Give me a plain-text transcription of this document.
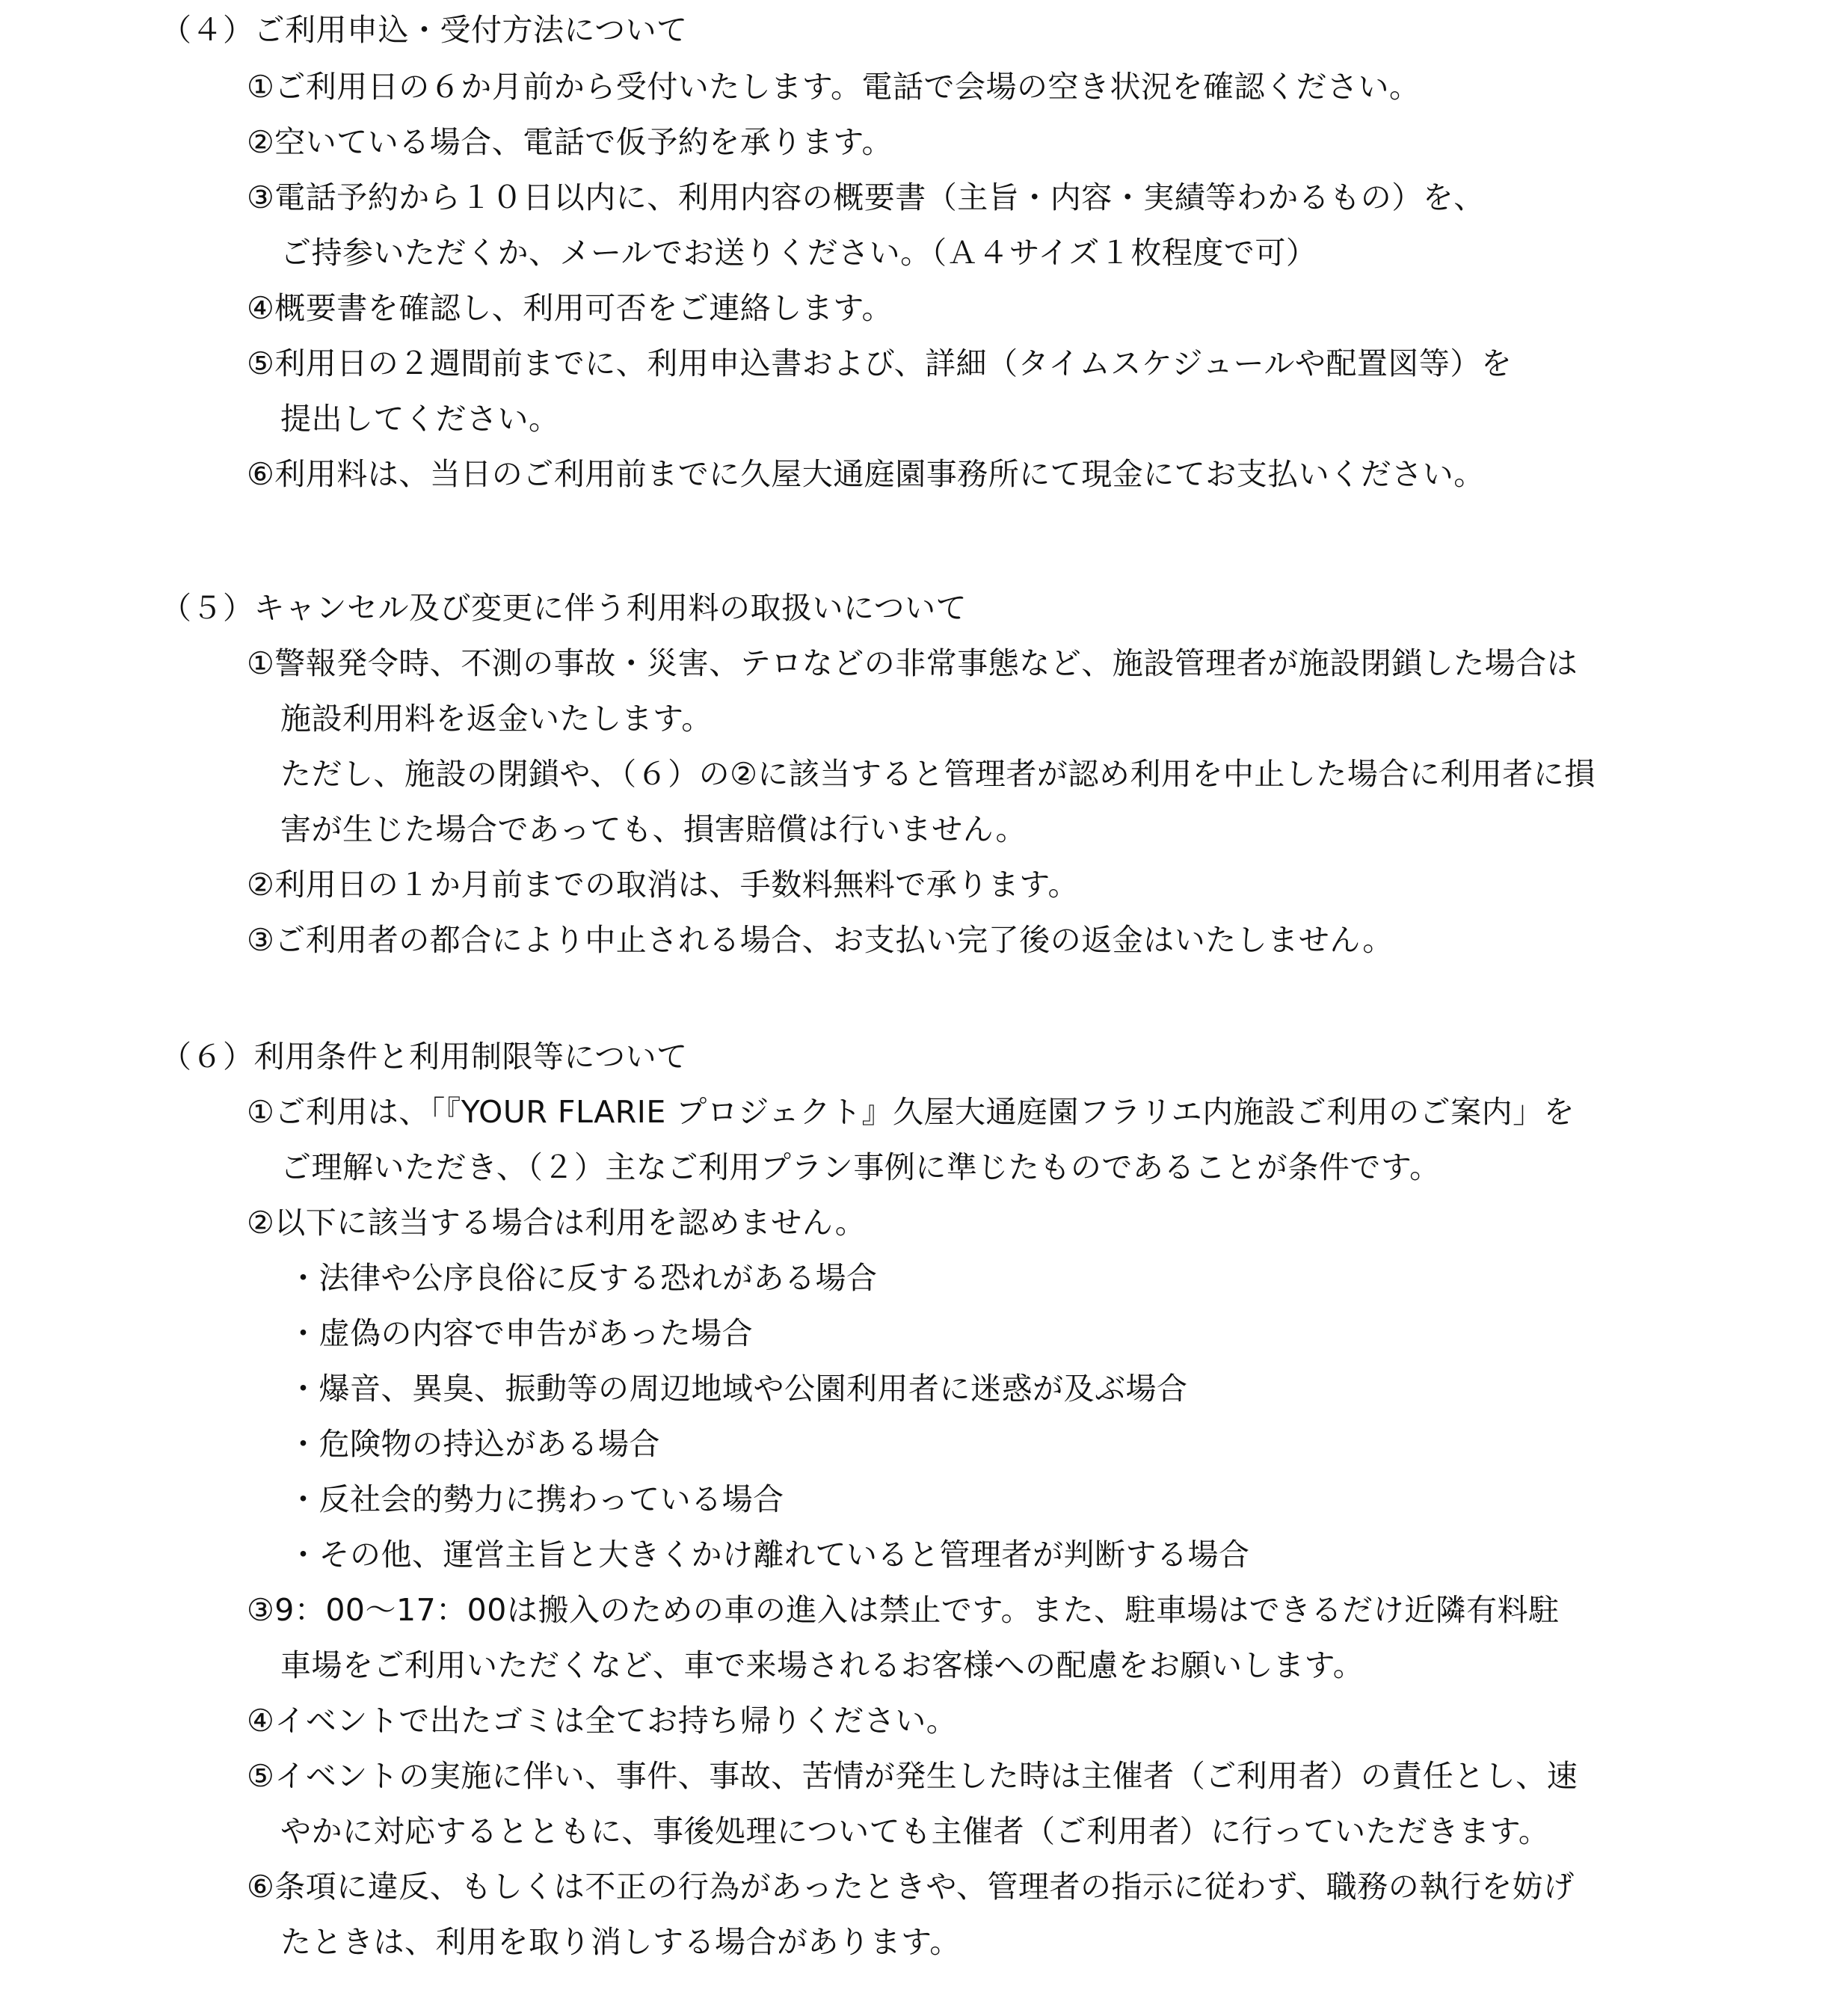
（４）ご利用申込・受付方法について
①ご利用日の６か月前から受付いたします。電話で会場の空き状況を確認ください。
②空いている場合、電話で仮予約を承ります。
③電話予約から１０日以内に、利用内容の概要書（主旨・内容・実績等わかるもの）を、
ご持参いただくか、メールでお送りください。（Ａ４サイズ１枚程度で可）
④概要書を確認し、利用可否をご連絡します。
⑤利用日の２週間前までに、利用申込書および、詳細（タイムスケジュールや配置図等）を
提出してください。
⑥利用料は、当日のご利用前までに久屋大通庭園事務所にて現金にてお支払いください。
（５）キャンセル及び変更に伴う利用料の取扱いについて
①警報発令時、不測の事故・災害、テロなどの非常事態など、施設管理者が施設閉鎖した場合は
施設利用料を返金いたします。
ただし、施設の閉鎖や、（６）の②に該当すると管理者が認め利用を中止した場合に利用者に損
害が生じた場合であっても、損害賠償は行いません。
②利用日の１か月前までの取消は、手数料無料で承ります。
③ご利用者の都合により中止される場合、お支払い完了後の返金はいたしません。
（６）利用条件と利用制限等について
①ご利用は、「『YOUR FLARIE プロジェクト』久屋大通庭園フラリエ内施設ご利用のご案内」を
ご理解いただき、（２）主なご利用プラン事例に準じたものであることが条件です。
②以下に該当する場合は利用を認めません。
・法律や公序良俗に反する恐れがある場合
・虚偽の内容で申告があった場合
・爆音、異臭、振動等の周辺地域や公園利用者に迷惑が及ぶ場合
・危険物の持込がある場合
・反社会的勢力に携わっている場合
・その他、運営主旨と大きくかけ離れていると管理者が判断する場合
③9：00～17：00は搬入のための車の進入は禁止です。また、駐車場はできるだけ近隣有料駐
車場をご利用いただくなど、車で来場されるお客様への配慮をお願いします。
④イベントで出たゴミは全てお持ち帰りください。
⑤イベントの実施に伴い、事件、事故、苦情が発生した時は主催者（ご利用者）の責任とし、速
やかに対応するとともに、事後処理についても主催者（ご利用者）に行っていただきます。
⑥条項に違反、もしくは不正の行為があったときや、管理者の指示に従わず、職務の執行を妨げ
たときは、利用を取り消しする場合があります。
